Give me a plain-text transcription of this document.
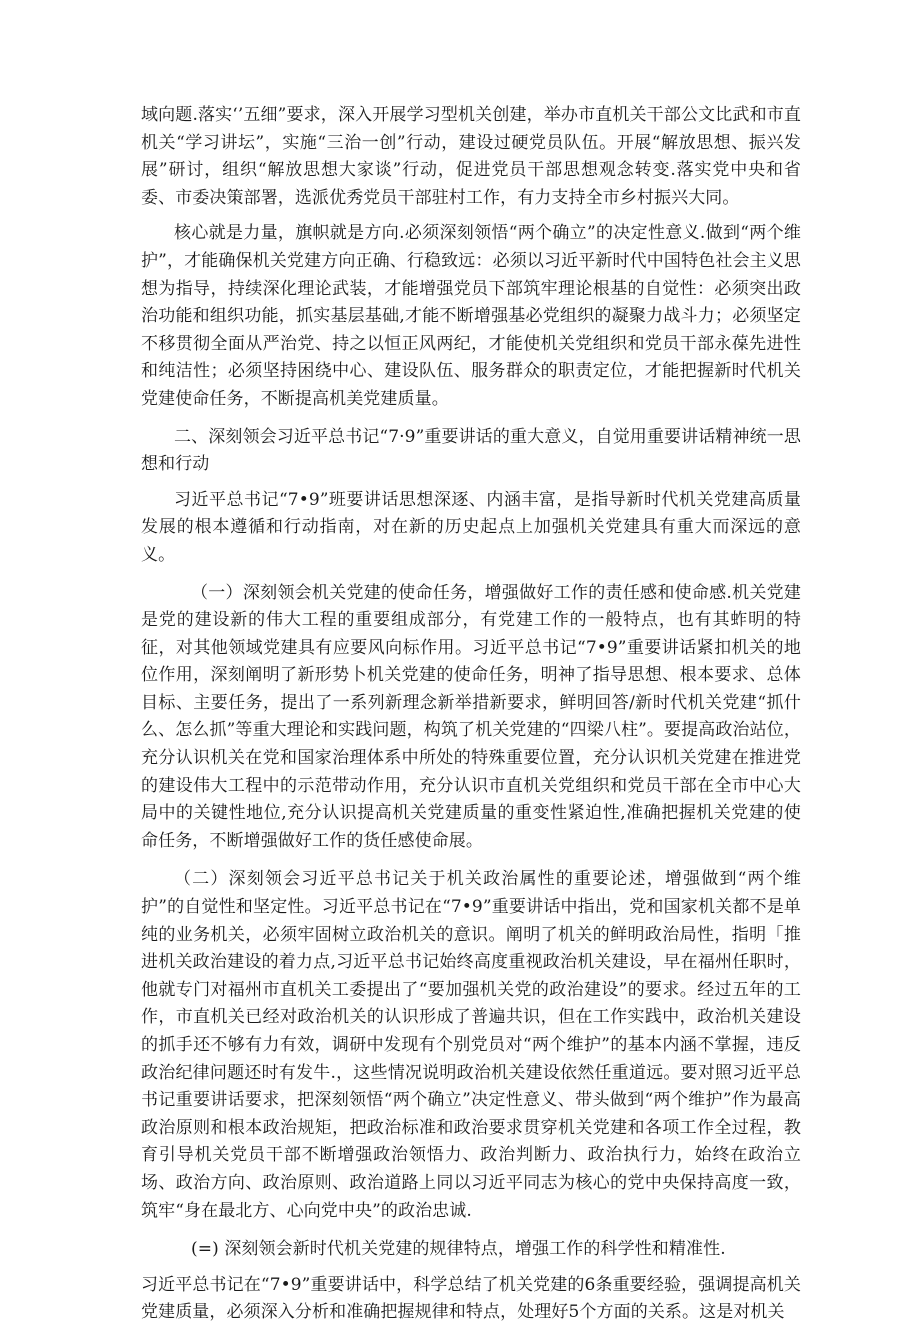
域向题.落实‘’五细”要求，深入开展学习型机关创建，举办市直机关干部公文比武和市直机关“学习讲坛”，实施“三治一创”行动，建设过硬党员队伍。开展“解放思想、振兴发展”研讨，组织“解放思想大家谈”行动，促进党员干部思想观念转变.落实党中央和省委、市委决策部署，选派优秀党员干部驻村工作，有力支持全市乡村振兴大同。

核心就是力量，旗帜就是方向.必须深刻领悟“两个确立”的决定性意义.做到“两个维护”，才能确保机关党建方向正确、行稳致远：必须以习近平新时代中国特色社会主义思想为指导，持续深化理论武装，才能增强党员下部筑牢理论根基的自觉性：必须突出政治功能和组织功能，抓实基层基础,才能不断增强基必党组织的凝聚力战斗力；必须坚定不移贯彻全面从严治党、持之以恒正风两纪，才能使机关党组织和党员干部永葆先进性和纯洁性；必须坚持困绕中心、建设队伍、服务群众的职责定位，才能把握新时代机关党建使命任务，不断提高机美党建质量。

二、深刻领会习近平总书记“7·9”重要讲话的重大意义，自觉用重要讲话精神统一思想和行动

习近平总书记“7•9”班要讲话思想深逐、内涵丰富，是指导新时代机关党建高质量发展的根本遵循和行动指南，对在新的历史起点上加强机关党建具有重大而深远的意义。

（一）深刻领会机关党建的使命任务，增强做好工作的责任感和使命感.机关党建是党的建设新的伟大工程的重要组成部分，有党建工作的一般特点，也有其蚱明的特征，对其他领域党建具有应要风向标作用。习近平总书记“7•9”重要讲话紧扣机关的地位作用，深刻阐明了新形势卜机关党建的使命任务，明神了指导思想、根本要求、总体目标、主要任务，提出了一系列新理念新举措新要求，鲜明回答/新时代机关党建“抓什么、怎么抓”等重大理论和实践问题，构筑了机关党建的“四梁八柱”。要提高政治站位，充分认识机关在党和国家治理体系中所处的特殊重要位置，充分认识机关党建在推进党的建设伟大工程中的示范带动作用，充分认识市直机关党组织和党员干部在全市中心大局中的关键性地位,充分认识提高机关党建质量的重变性紧迫性,准确把握机关党建的使命任务，不断增强做好工作的货任感使命展。

（二）深刻领会习近平总书记关于机关政治属性的重要论述，增强做到“两个维护”的自觉性和坚定性。习近平总书记在“7•9”重要讲话中指出，党和国家机关都不是单纯的业务机关，必须牢固树立政治机关的意识。阐明了机关的鲜明政治局性，指明「推进机关政治建设的着力点,习近平总书记始终高度重视政治机关建设，早在福州任职时，他就专门对福州市直机关工委提出了“要加强机关党的政治建设”的要求。经过五年的工作，市直机关已经对政治机关的认识形成了普遍共识，但在工作实践中，政治机关建设的抓手还不够有力有效，调研中发现有个别党员对“两个维护”的基本内涵不掌握，违反政治纪律问题还时有发牛.，这些情况说明政治机关建设依然任重道远。要对照习近平总书记重要讲话要求，把深刻领悟“两个确立”决定性意义、带头做到“两个维护”作为最高政治原则和根本政治规矩，把政治标准和政治要求贯穿机关党建和各项工作全过程，教育引导机关党员干部不断增强政治领悟力、政治判断力、政治执行力，始终在政治立场、政治方向、政治原则、政治道路上同以习近平同志为核心的党中央保持高度一致，筑牢“身在最北方、心向党中央”的政治忠诚.

(=) 深刻领会新时代机关党建的规律特点，增强工作的科学性和精准性.

习近平总书记在“7•9”重要讲话中，科学总结了机关党建的6条重要经验，强调提高机关党建质量，必须深入分析和准确把握规律和特点，处理好5个方面的关系。这是对机关
